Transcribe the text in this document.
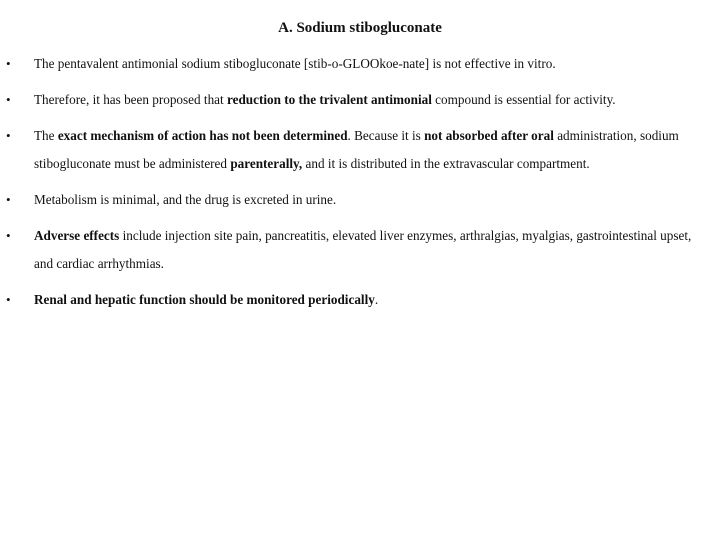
A. Sodium stibogluconate
• The pentavalent antimonial sodium stibogluconate [stib-o-GLOOkoe-nate] is not effective in vitro.
• Therefore, it has been proposed that reduction to the trivalent antimonial compound is essential for activity.
• The exact mechanism of action has not been determined. Because it is not absorbed after oral administration, sodium stibogluconate must be administered parenterally, and it is distributed in the extravascular compartment.
• Metabolism is minimal, and the drug is excreted in urine.
• Adverse effects include injection site pain, pancreatitis, elevated liver enzymes, arthralgias, myalgias, gastrointestinal upset, and cardiac arrhythmias.
• Renal and hepatic function should be monitored periodically.
